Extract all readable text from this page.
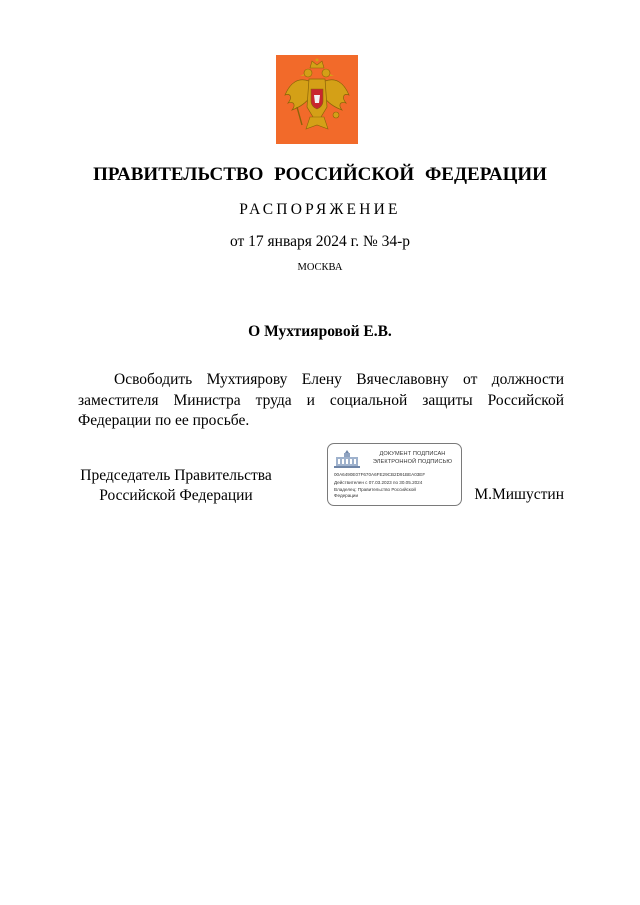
ПРАВИТЕЛЬСТВО РОССИЙСКОЙ ФЕДЕРАЦИИ
РАСПОРЯЖЕНИЕ
от 17 января 2024 г. № 34-р
МОСКВА
О Мухтияровой Е.В.

Освободить Мухтиярову Елену Вячеславовну от должности заместителя Министра труда и социальной защиты Российской Федерации по ее просьбе.

Председатель Правительства
Российской Федерации
ДОКУМЕНТ ПОДПИСАН
ЭЛЕКТРОННОЙ ПОДПИСЬЮ
00A6490E07F670A6FE29CB2D91BEA03EF
Действителен с 07.03.2023 по 30.05.2024
Владелец: Правительство Российской
Федерации	М.Мишустин
